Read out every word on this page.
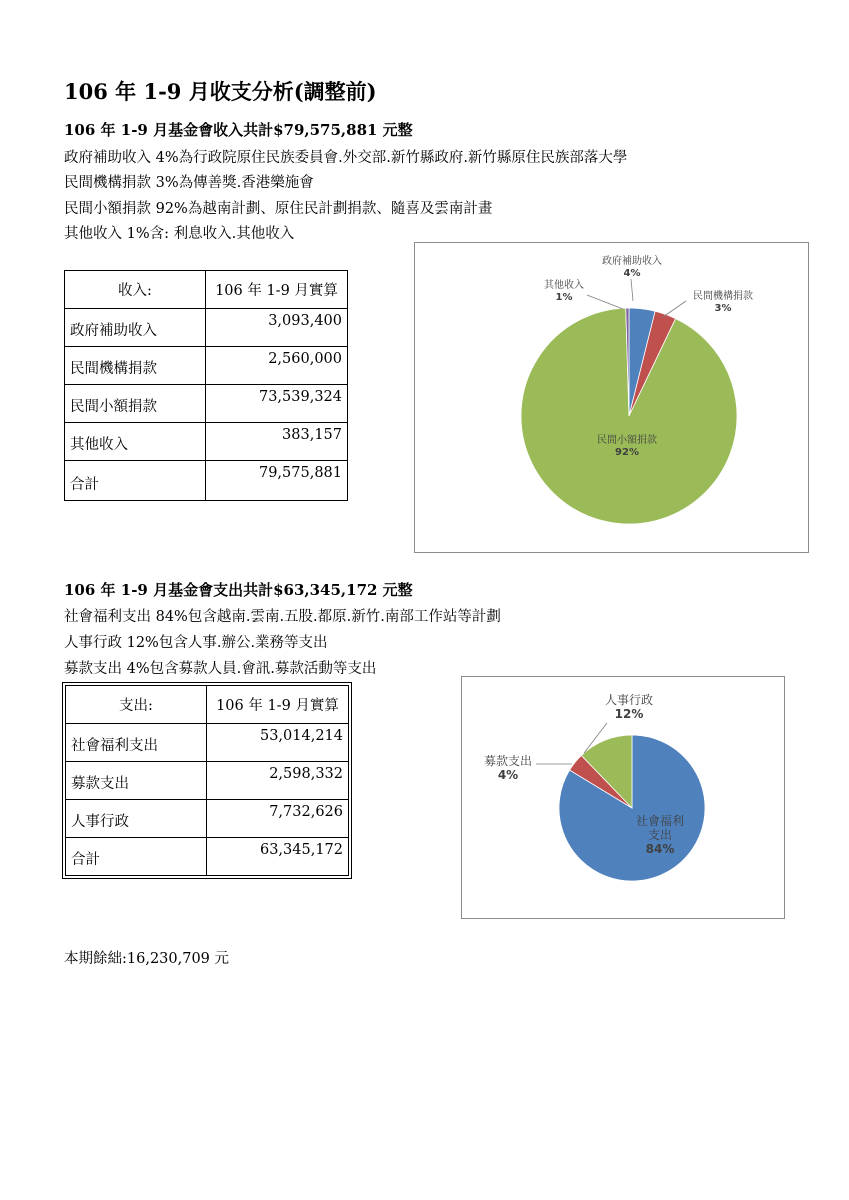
106 年 1-9 月收支分析(調整前)
106 年 1-9 月基金會收入共計$79,575,881 元整
政府補助收入 4%為行政院原住民族委員會.外交部.新竹縣政府.新竹縣原住民族部落大學
民間機構捐款 3%為傳善獎.香港樂施會
民間小額捐款 92%為越南計劃、原住民計劃捐款、隨喜及雲南計畫
其他收入 1%含: 利息收入.其他收入
收入:	106 年 1-9 月實算
政府補助收入	3,093,400
民間機構捐款	2,560,000
民間小額捐款	73,539,324
其他收入	383,157
合計	79,575,881
政府補助收入
4%
民間機構捐款
3%
民間小額捐款
92%
其他收入
1%
106 年 1-9 月基金會支出共計$63,345,172 元整
社會福利支出 84%包含越南.雲南.五股.都原.新竹.南部工作站等計劃
人事行政 12%包含人事.辦公.業務等支出
募款支出 4%包含募款人員.會訊.募款活動等支出
支出:	106 年 1-9 月實算
社會福利支出	53,014,214
募款支出	2,598,332
人事行政	7,732,626
合計	63,345,172
社會福利
支出
84%
募款支出
4%
人事行政
12%
本期餘絀:16,230,709 元
